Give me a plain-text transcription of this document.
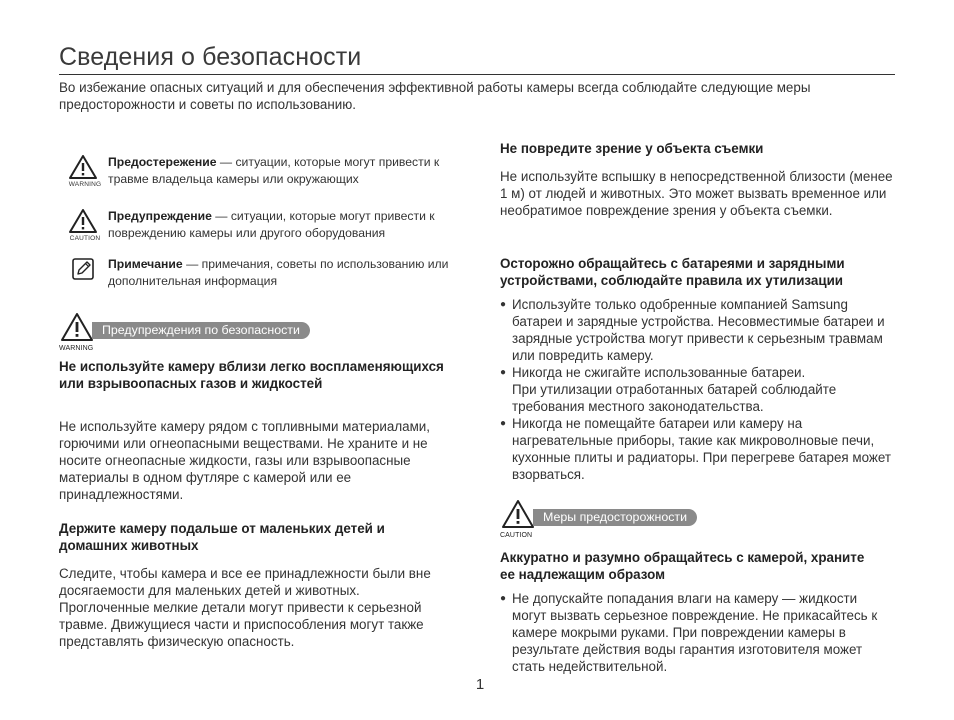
Сведения о безопасности

Во избежание опасных ситуаций и для обеспечения эффективной работы камеры всегда соблюдайте следующие меры предосторожности и советы по использованию.

WARNING
Предостережение — ситуации, которые могут привести к травме владельца камеры или окружающих
CAUTION
Предупреждение — ситуации, которые могут привести к повреждению камеры или другого оборудования
Примечание — примечания, советы по использованию или дополнительная информация
Предупреждения по безопасности
WARNING
Не используйте камеру вблизи легко воспламеняющихся или взрывоопасных газов и жидкостей

Не используйте камеру рядом с топливными материалами, горючими или огнеопасными веществами. Не храните и не носите огнеопасные жидкости, газы или взрывоопасные материалы в одном футляре с камерой или ее принадлежностями.

Держите камеру подальше от маленьких детей и домашних животных

Следите, чтобы камера и все ее принадлежности были вне досягаемости для маленьких детей и животных. Проглоченные мелкие детали могут привести к серьезной травме. Движущиеся части и приспособления могут также представлять физическую опасность.

Не повредите зрение у объекта съемки

Не используйте вспышку в непосредственной близости (менее 1 м) от людей и животных. Это может вызвать временное или необратимое повреждение зрения у объекта съемки.

Осторожно обращайтесь с батареями и зарядными устройствами, соблюдайте правила их утилизации
● Используйте только одобренные компанией Samsung батареи и зарядные устройства. Несовместимые батареи и зарядные устройства могут привести к серьезным травмам или повредить камеру.
● Никогда не сжигайте использованные батареи.
При утилизации отработанных батарей соблюдайте требования местного законодательства.
● Никогда не помещайте батареи или камеру на нагревательные приборы, такие как микроволновые печи, кухонные плиты и радиаторы. При перегреве батарея может взорваться.
Меры предосторожности
CAUTION
Аккуратно и разумно обращайтесь с камерой, храните ее надлежащим образом
● Не допускайте попадания влаги на камеру — жидкости могут вызвать серьезное повреждение. Не прикасайтесь к камере мокрыми руками. При повреждении камеры в результате действия воды гарантия изготовителя может стать недействительной.
1
